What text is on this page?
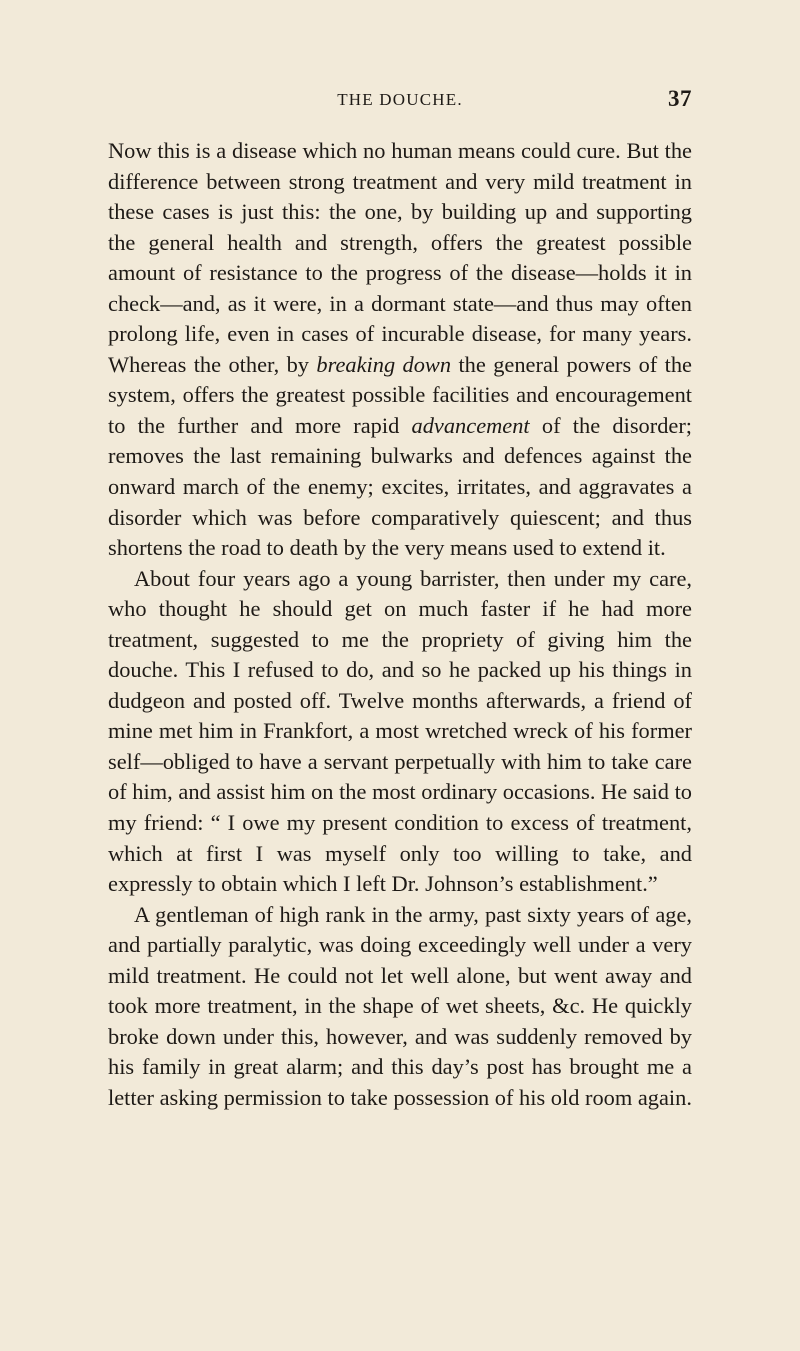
THE DOUCHE.	37

Now this is a disease which no human means could cure. But the difference between strong treatment and very mild treatment in these cases is just this: the one, by building up and supporting the general health and strength, offers the greatest possible amount of resistance to the progress of the disease—holds it in check—and, as it were, in a dormant state—and thus may often prolong life, even in cases of incurable disease, for many years. Whereas the other, by breaking down the general powers of the system, offers the greatest possible facilities and encouragement to the further and more rapid advancement of the disorder; removes the last remaining bulwarks and defences against the onward march of the enemy; excites, irritates, and aggravates a disorder which was before comparatively quiescent; and thus shortens the road to death by the very means used to extend it.

About four years ago a young barrister, then under my care, who thought he should get on much faster if he had more treatment, suggested to me the propriety of giving him the douche. This I refused to do, and so he packed up his things in dudgeon and posted off. Twelve months afterwards, a friend of mine met him in Frankfort, a most wretched wreck of his former self—obliged to have a servant perpetually with him to take care of him, and assist him on the most ordinary occasions. He said to my friend: “ I owe my present condition to excess of treatment, which at first I was myself only too willing to take, and expressly to obtain which I left Dr. Johnson’s establishment.”

A gentleman of high rank in the army, past sixty years of age, and partially paralytic, was doing exceedingly well under a very mild treatment. He could not let well alone, but went away and took more treatment, in the shape of wet sheets, &c. He quickly broke down under this, however, and was suddenly removed by his family in great alarm; and this day’s post has brought me a letter asking permission to take possession of his old room again.
